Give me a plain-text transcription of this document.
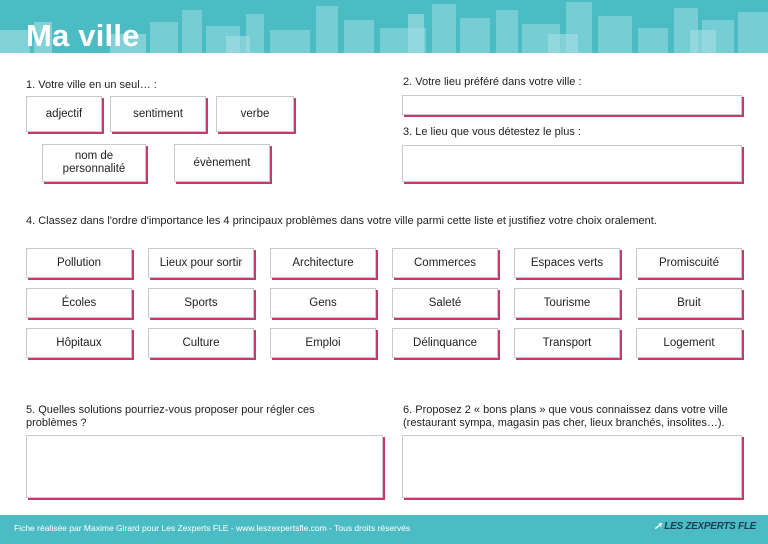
Ma ville
1. Votre ville en un seul… :
adjectif	sentiment	verbe
nom de personnalité
évènement
2. Votre lieu préféré dans votre ville :
3. Le lieu que vous détestez le plus :
4. Classez dans l'ordre d'importance les 4 principaux problèmes dans votre ville parmi cette liste et justifiez votre choix oralement.
Pollution	Lieux pour sortir	Architecture	Commerces	Espaces verts	Promiscuité
Écoles	Sports	Gens	Saleté	Tourisme	Bruit
Hôpitaux	Culture	Emploi	Délinquance	Transport	Logement
5. Quelles solutions pourriez-vous proposer pour régler ces problèmes ?
6. Proposez 2 « bons plans » que vous connaissez dans votre ville (restaurant sympa, magasin pas cher, lieux branchés, insolites…).
Fiche réalisée par Maxime Girard pour Les Zexperts FLE - www.leszexpertsfle.com - Tous droits réservés	➚ LES ZEXPERTS FLE
